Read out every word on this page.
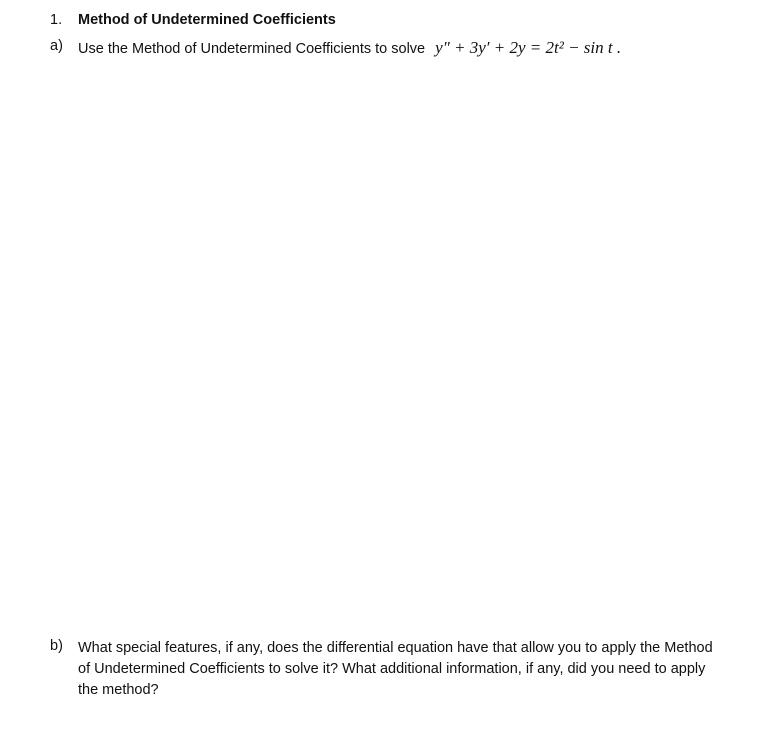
1. Method of Undetermined Coefficients
a) Use the Method of Undetermined Coefficients to solve y″ + 3y′ + 2y = 2t² − sin t .
b) What special features, if any, does the differential equation have that allow you to apply the Method of Undetermined Coefficients to solve it? What additional information, if any, did you need to apply the method?
